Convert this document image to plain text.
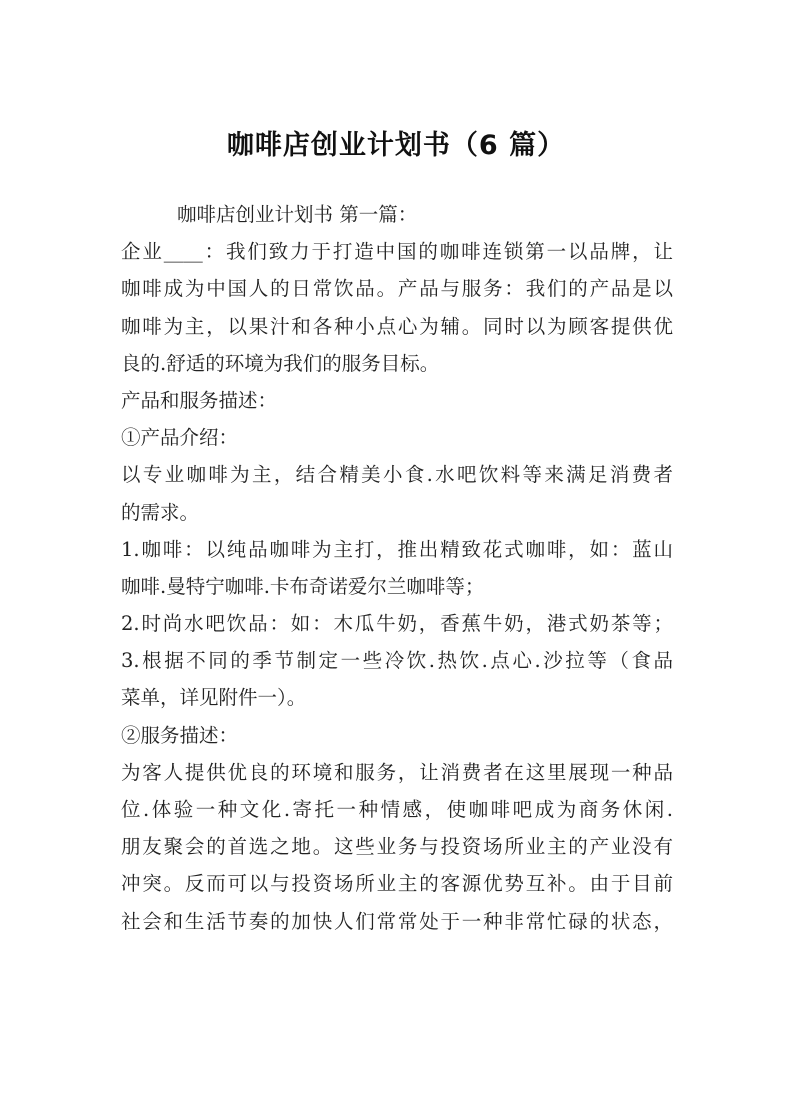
咖啡店创业计划书（6 篇）
咖啡店创业计划书 第一篇：
企业____：我们致力于打造中国的咖啡连锁第一以品牌，让
咖啡成为中国人的日常饮品。产品与服务：我们的产品是以
咖啡为主，以果汁和各种小点心为辅。同时以为顾客提供优
良的.舒适的环境为我们的服务目标。
产品和服务描述：
①产品介绍：
以专业咖啡为主，结合精美小食.水吧饮料等来满足消费者
的需求。
1.咖啡：以纯品咖啡为主打，推出精致花式咖啡，如：蓝山
咖啡.曼特宁咖啡.卡布奇诺爱尔兰咖啡等；
2.时尚水吧饮品：如：木瓜牛奶，香蕉牛奶，港式奶茶等；
3.根据不同的季节制定一些冷饮.热饮.点心.沙拉等（食品
菜单，详见附件一）。
②服务描述：
为客人提供优良的环境和服务，让消费者在这里展现一种品
位.体验一种文化.寄托一种情感，使咖啡吧成为商务休闲.
朋友聚会的首选之地。这些业务与投资场所业主的产业没有
冲突。反而可以与投资场所业主的客源优势互补。由于目前
社会和生活节奏的加快人们常常处于一种非常忙碌的状态，
